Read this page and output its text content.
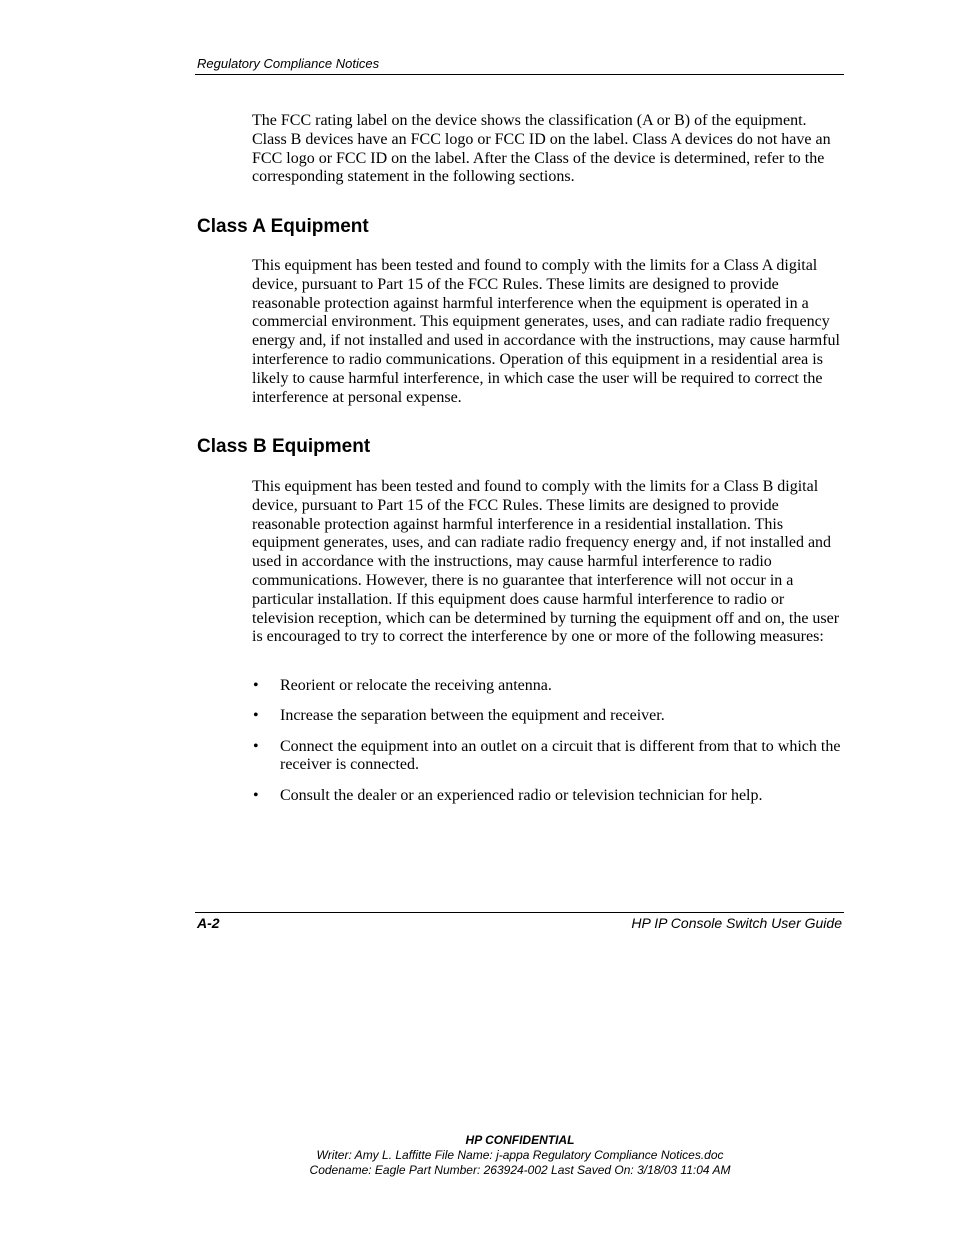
Regulatory Compliance Notices

The FCC rating label on the device shows the classification (A or B) of the equipment. Class B devices have an FCC logo or FCC ID on the label. Class A devices do not have an FCC logo or FCC ID on the label. After the Class of the device is determined, refer to the corresponding statement in the following sections.

Class A Equipment

This equipment has been tested and found to comply with the limits for a Class A digital device, pursuant to Part 15 of the FCC Rules. These limits are designed to provide reasonable protection against harmful interference when the equipment is operated in a commercial environment. This equipment generates, uses, and can radiate radio frequency energy and, if not installed and used in accordance with the instructions, may cause harmful interference to radio communications. Operation of this equipment in a residential area is likely to cause harmful interference, in which case the user will be required to correct the interference at personal expense.

Class B Equipment

This equipment has been tested and found to comply with the limits for a Class B digital device, pursuant to Part 15 of the FCC Rules. These limits are designed to provide reasonable protection against harmful interference in a residential installation. This equipment generates, uses, and can radiate radio frequency energy and, if not installed and used in accordance with the instructions, may cause harmful interference to radio communications. However, there is no guarantee that interference will not occur in a particular installation. If this equipment does cause harmful interference to radio or television reception, which can be determined by turning the equipment off and on, the user is encouraged to try to correct the interference by one or more of the following measures:

• Reorient or relocate the receiving antenna.
• Increase the separation between the equipment and receiver.
• Connect the equipment into an outlet on a circuit that is different from that to which the receiver is connected.
• Consult the dealer or an experienced radio or television technician for help.
A-2	HP IP Console Switch User Guide
HP CONFIDENTIAL
Writer: Amy L. Laffitte File Name: j-appa Regulatory Compliance Notices.doc
Codename: Eagle Part Number: 263924-002 Last Saved On: 3/18/03 11:04 AM
